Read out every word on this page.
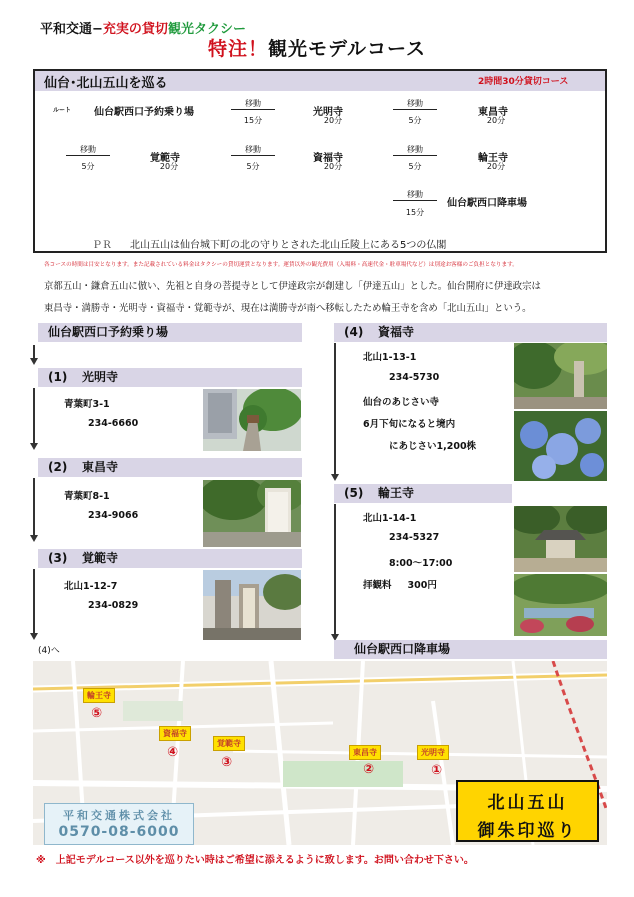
平和交通−充実の貸切観光タクシー
特注！観光モデルコース
仙台･北山五山を巡る	2時間30分貸切コース
ルート 仙台駅西口予約乗り場
移動
15分
光明寺
20分
移動
5分
東昌寺
20分
移動
5分
覚範寺
20分
移動
5分
資福寺
20分
移動
5分
輪王寺
20分
移動
15分
仙台駅西口降車場
ＰＲ 北山五山は仙台城下町の北の守りとされた北山丘陵上にある5つの仏閣
各コースの時間は目安となります。また記載されている料金はタクシーの貸切運賃となります。運賃以外の観光費用（入場料・高速代金・駐車場代など）は別途お客様のご負担となります。
京都五山・鎌倉五山に倣い、先祖と自身の菩提寺として伊達政宗が創建し「伊達五山」とした。仙台開府に伊達政宗は
東昌寺・満勝寺・光明寺・資福寺・覚範寺が、現在は満勝寺が南へ移転したため輪王寺を含め「北山五山」という。
仙台駅西口予約乗り場
(1) 光明寺
青葉町3-1
234-6660
(2) 東昌寺
青葉町8-1
234-9066
(3) 覚範寺
北山1-12-7
234-0829
(4)へ
(4) 資福寺
北山1-13-1
234-5730
仙台のあじさい寺
6月下旬になると境内
にあじさい1,200株
(5) 輪王寺
北山1-14-1
234-5327
8:00～17:00
拝観料 300円
仙台駅西口降車場
輪王寺
⑤
資福寺
④
覚範寺
③
東昌寺
②
光明寺
①
平和交通株式会社
0570-08-6000
北山五山
御朱印巡り
※　上記モデルコース以外を巡りたい時はご希望に添えるように致します。お問い合わせ下さい。
